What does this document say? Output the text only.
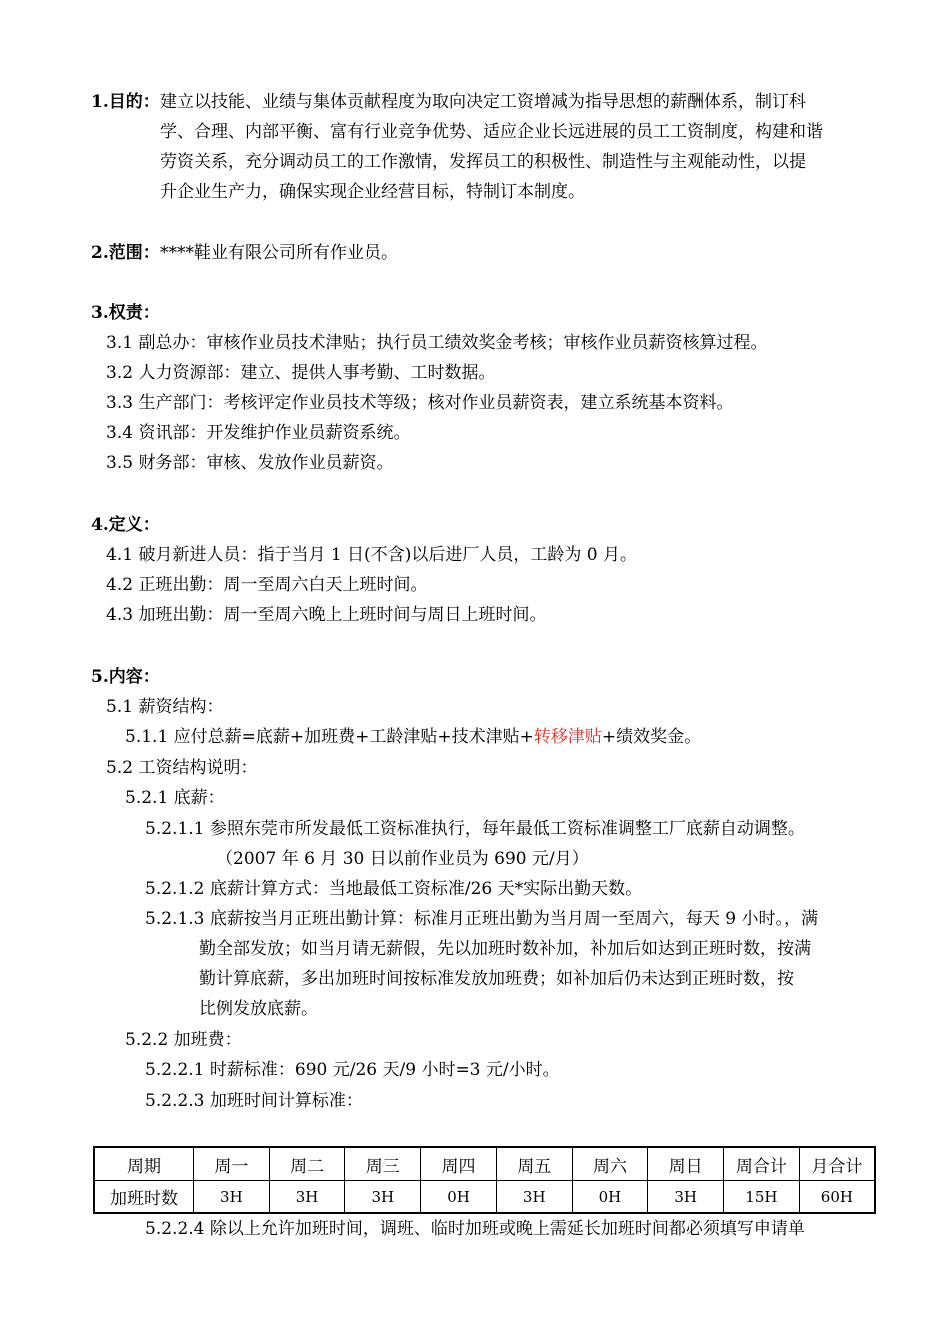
1.目的： 建立以技能、业绩与集体贡献程度为取向决定工资增减为指导思想的薪酬体系，制订科
学、合理、内部平衡、富有行业竞争优势、适应企业长远进展的员工工资制度，构建和谐
劳资关系，充分调动员工的工作激情，发挥员工的积极性、制造性与主观能动性，以提
升企业生产力，确保实现企业经营目标，特制订本制度。
2.范围： ****鞋业有限公司所有作业员。
3.权责：
3.1 副总办：审核作业员技术津贴；执行员工绩效奖金考核；审核作业员薪资核算过程。
3.2 人力资源部：建立、提供人事考勤、工时数据。
3.3 生产部门：考核评定作业员技术等级；核对作业员薪资表，建立系统基本资料。
3.4 资讯部：开发维护作业员薪资系统。
3.5 财务部：审核、发放作业员薪资。
4.定义：
4.1 破月新进人员：指于当月 1 日(不含)以后进厂人员，工龄为 0 月。
4.2 正班出勤：周一至周六白天上班时间。
4.3 加班出勤：周一至周六晚上上班时间与周日上班时间。
5.内容：
5.1 薪资结构：
5.1.1 应付总薪=底薪+加班费+工龄津贴+技术津贴+转移津贴+绩效奖金。
5.2 工资结构说明：
5.2.1 底薪：
5.2.1.1 参照东莞市所发最低工资标准执行，每年最低工资标准调整工厂底薪自动调整。
（2007 年 6 月 30 日以前作业员为 690 元/月）
5.2.1.2 底薪计算方式：当地最低工资标准/26 天*实际出勤天数。
5.2.1.3 底薪按当月正班出勤计算：标准月正班出勤为当月周一至周六，每天 9 小时。，满
勤全部发放；如当月请无薪假，先以加班时数补加，补加后如达到正班时数，按满
勤计算底薪，多出加班时间按标准发放加班费；如补加后仍未达到正班时数，按
比例发放底薪。
5.2.2 加班费：
5.2.2.1 时薪标准：690 元/26 天/9 小时=3 元/小时。
5.2.2.3 加班时间计算标准：
周期	周一	周二	周三	周四	周五	周六	周日	周合计	月合计
加班时数	3H	3H	3H	0H	3H	0H	3H	15H	60H
5.2.2.4 除以上允许加班时间，调班、临时加班或晚上需延长加班时间都必须填写申请单
